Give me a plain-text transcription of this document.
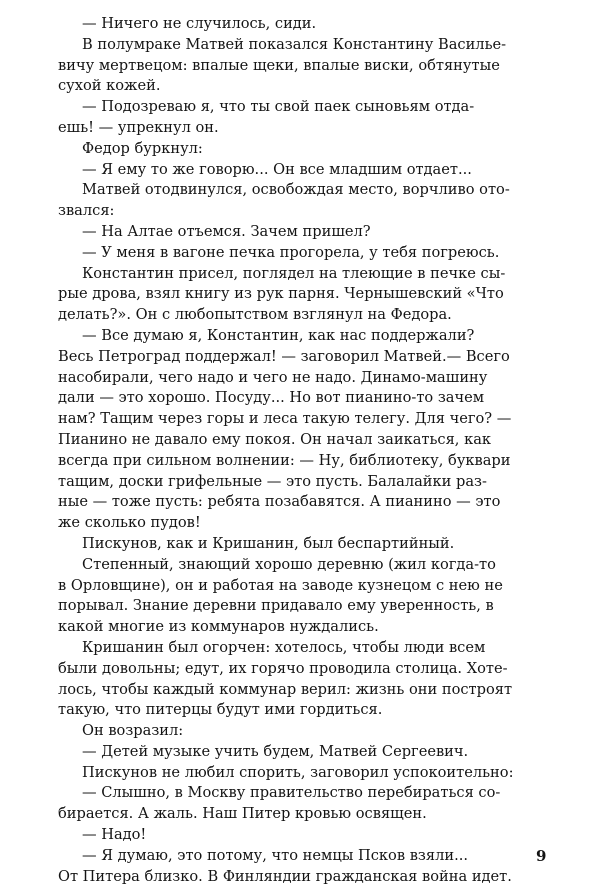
— Ничего не случилось, сиди.
В полумраке Матвей показался Константину Василье-
вичу мертвецом: впалые щеки, впалые виски, обтянутые
сухой кожей.
— Подозреваю я, что ты свой паек сыновьям отда-
ешь! — упрекнул он.
Федор буркнул:
— Я ему то же говорю... Он все младшим отдает...
Матвей отодвинулся, освобождая место, ворчливо ото-
звался:
— На Алтае отъемся. Зачем пришел?
— У меня в вагоне печка прогорела, у тебя погреюсь.
Константин присел, поглядел на тлеющие в печке сы-
рые дрова, взял книгу из рук парня. Чернышевский «Что
делать?». Он с любопытством взглянул на Федора.
— Все думаю я, Константин, как нас поддержали?
Весь Петроград поддержал! — заговорил Матвей.— Всего
насобирали, чего надо и чего не надо. Динамо-машину
дали — это хорошо. Посуду... Но вот пианино-то зачем
нам? Тащим через горы и леса такую телегу. Для чего? —
Пианино не давало ему покоя. Он начал заикаться, как
всегда при сильном волнении: — Ну, библиотеку, буквари
тащим, доски грифельные — это пусть. Балалайки раз-
ные — тоже пусть: ребята позабавятся. А пианино — это
же сколько пудов!
Пискунов, как и Кришанин, был беспартийный.
Степенный, знающий хорошо деревню (жил когда-то
в Орловщине), он и работая на заводе кузнецом с нею не
порывал. Знание деревни придавало ему уверенность, в
какой многие из коммунаров нуждались.
Кришанин был огорчен: хотелось, чтобы люди всем
были довольны; едут, их горячо проводила столица. Хоте-
лось, чтобы каждый коммунар верил: жизнь они построят
такую, что питерцы будут ими гордиться.
Он возразил:
— Детей музыке учить будем, Матвей Сергеевич.
Пискунов не любил спорить, заговорил успокоительно:
— Слышно, в Москву правительство перебираться со-
бирается. А жаль. Наш Питер кровью освящен.
— Надо!
— Я думаю, это потому, что немцы Псков взяли...
От Питера близко. В Финляндии гражданская война идет.
9
